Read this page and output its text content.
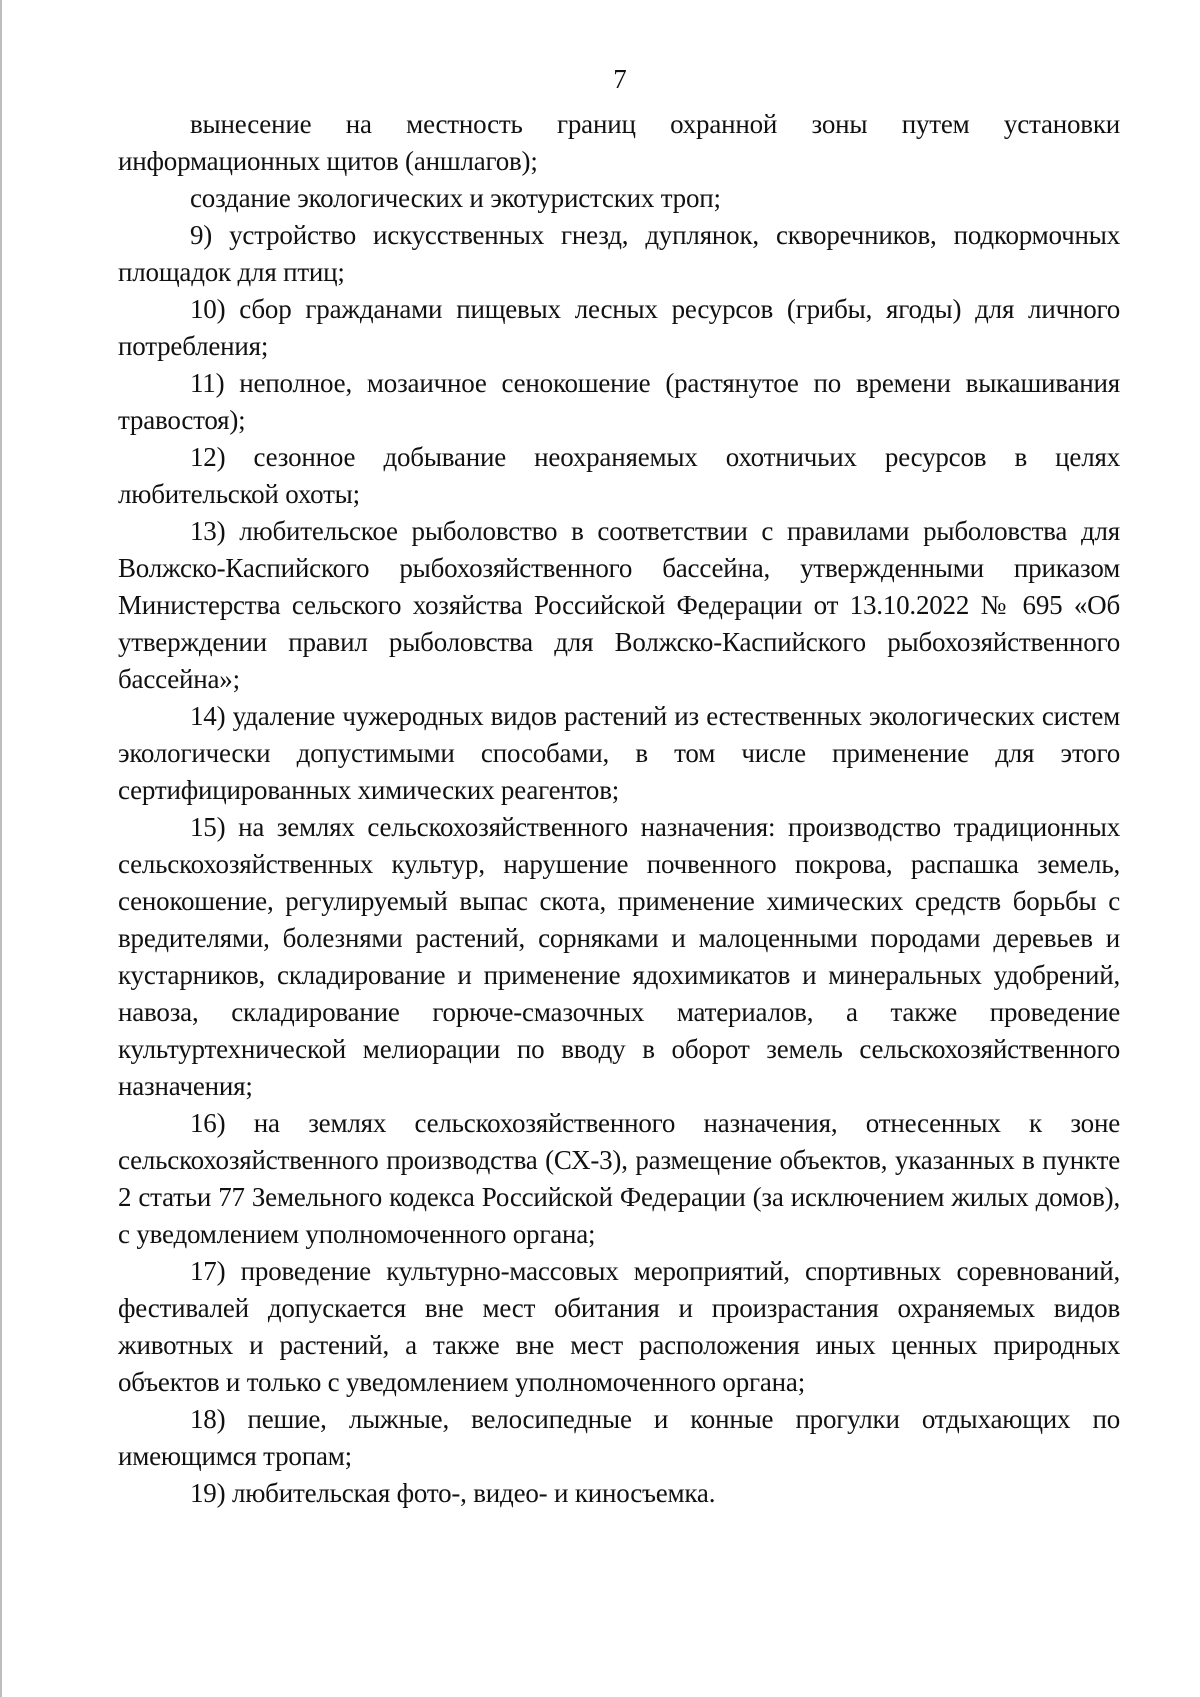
7

вынесение на местность границ охранной зоны путем установки информационных щитов (аншлагов);

создание экологических и экотуристских троп;

9) устройство искусственных гнезд, дуплянок, скворечников, подкормочных площадок для птиц;

10) сбор гражданами пищевых лесных ресурсов (грибы, ягоды) для личного потребления;

11) неполное, мозаичное сенокошение (растянутое по времени выкашивания травостоя);

12) сезонное добывание неохраняемых охотничьих ресурсов в целях любительской охоты;

13) любительское рыболовство в соответствии с правилами рыболовства для Волжско-Каспийского рыбохозяйственного бассейна, утвержденными приказом Министерства сельского хозяйства Российской Федерации от 13.10.2022 № 695 «Об утверждении правил рыболовства для Волжско-Каспийского рыбохозяйственного бассейна»;

14) удаление чужеродных видов растений из естественных экологических систем экологически допустимыми способами, в том числе применение для этого сертифицированных химических реагентов;

15) на землях сельскохозяйственного назначения: производство традиционных сельскохозяйственных культур, нарушение почвенного покрова, распашка земель, сенокошение, регулируемый выпас скота, применение химических средств борьбы с вредителями, болезнями растений, сорняками и малоценными породами деревьев и кустарников, складирование и применение ядохимикатов и минеральных удобрений, навоза, складирование горюче-смазочных материалов, а также проведение культуртехнической мелиорации по вводу в оборот земель сельскохозяйственного назначения;

16) на землях сельскохозяйственного назначения, отнесенных к зоне сельскохозяйственного производства (СХ-3), размещение объектов, указанных в пункте 2 статьи 77 Земельного кодекса Российской Федерации (за исключением жилых домов), с уведомлением уполномоченного органа;

17) проведение культурно-массовых мероприятий, спортивных соревнований, фестивалей допускается вне мест обитания и произрастания охраняемых видов животных и растений, а также вне мест расположения иных ценных природных объектов и только с уведомлением уполномоченного органа;

18) пешие, лыжные, велосипедные и конные прогулки отдыхающих по имеющимся тропам;

19) любительская фото-, видео- и киносъемка.
